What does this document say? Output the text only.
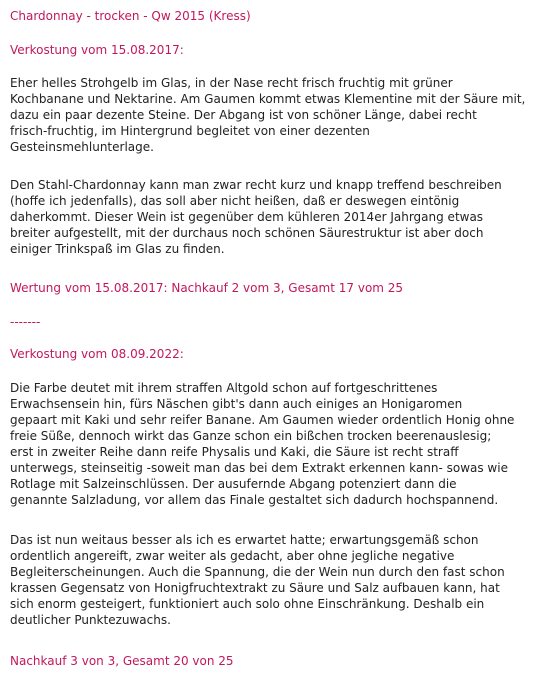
Chardonnay - trocken - Qw 2015 (Kress)

Verkostung vom 15.08.2017:

Eher helles Strohgelb im Glas, in der Nase recht frisch fruchtig mit grüner
Kochbanane und Nektarine. Am Gaumen kommt etwas Klementine mit der Säure mit,
dazu ein paar dezente Steine. Der Abgang ist von schöner Länge, dabei recht
frisch-fruchtig, im Hintergrund begleitet von einer dezenten
Gesteinsmehlunterlage.
Den Stahl-Chardonnay kann man zwar recht kurz und knapp treffend beschreiben
(hoffe ich jedenfalls), das soll aber nicht heißen, daß er deswegen eintönig
daherkommt. Dieser Wein ist gegenüber dem kühleren 2014er Jahrgang etwas
breiter aufgestellt, mit der durchaus noch schönen Säurestruktur ist aber doch
einiger Trinkspaß im Glas zu finden.

Wertung vom 15.08.2017: Nachkauf 2 vom 3, Gesamt 17 vom 25

-------

Verkostung vom 08.09.2022:

Die Farbe deutet mit ihrem straffen Altgold schon auf fortgeschrittenes
Erwachsensein hin, fürs Näschen gibt's dann auch einiges an Honigaromen
gepaart mit Kaki und sehr reifer Banane. Am Gaumen wieder ordentlich Honig ohne
freie Süße, dennoch wirkt das Ganze schon ein bißchen trocken beerenauslesig;
erst in zweiter Reihe dann reife Physalis und Kaki, die Säure ist recht straff
unterwegs, steinseitig -soweit man das bei dem Extrakt erkennen kann- sowas wie
Rotlage mit Salzeinschlüssen. Der ausufernde Abgang potenziert dann die
genannte Salzladung, vor allem das Finale gestaltet sich dadurch hochspannend.
Das ist nun weitaus besser als ich es erwartet hatte; erwartungsgemäß schon
ordentlich angereift, zwar weiter als gedacht, aber ohne jegliche negative
Begleiterscheinungen. Auch die Spannung, die der Wein nun durch den fast schon
krassen Gegensatz von Honigfruchtextrakt zu Säure und Salz aufbauen kann, hat
sich enorm gesteigert, funktioniert auch solo ohne Einschränkung. Deshalb ein
deutlicher Punktezuwachs.

Nachkauf 3 von 3, Gesamt 20 von 25
